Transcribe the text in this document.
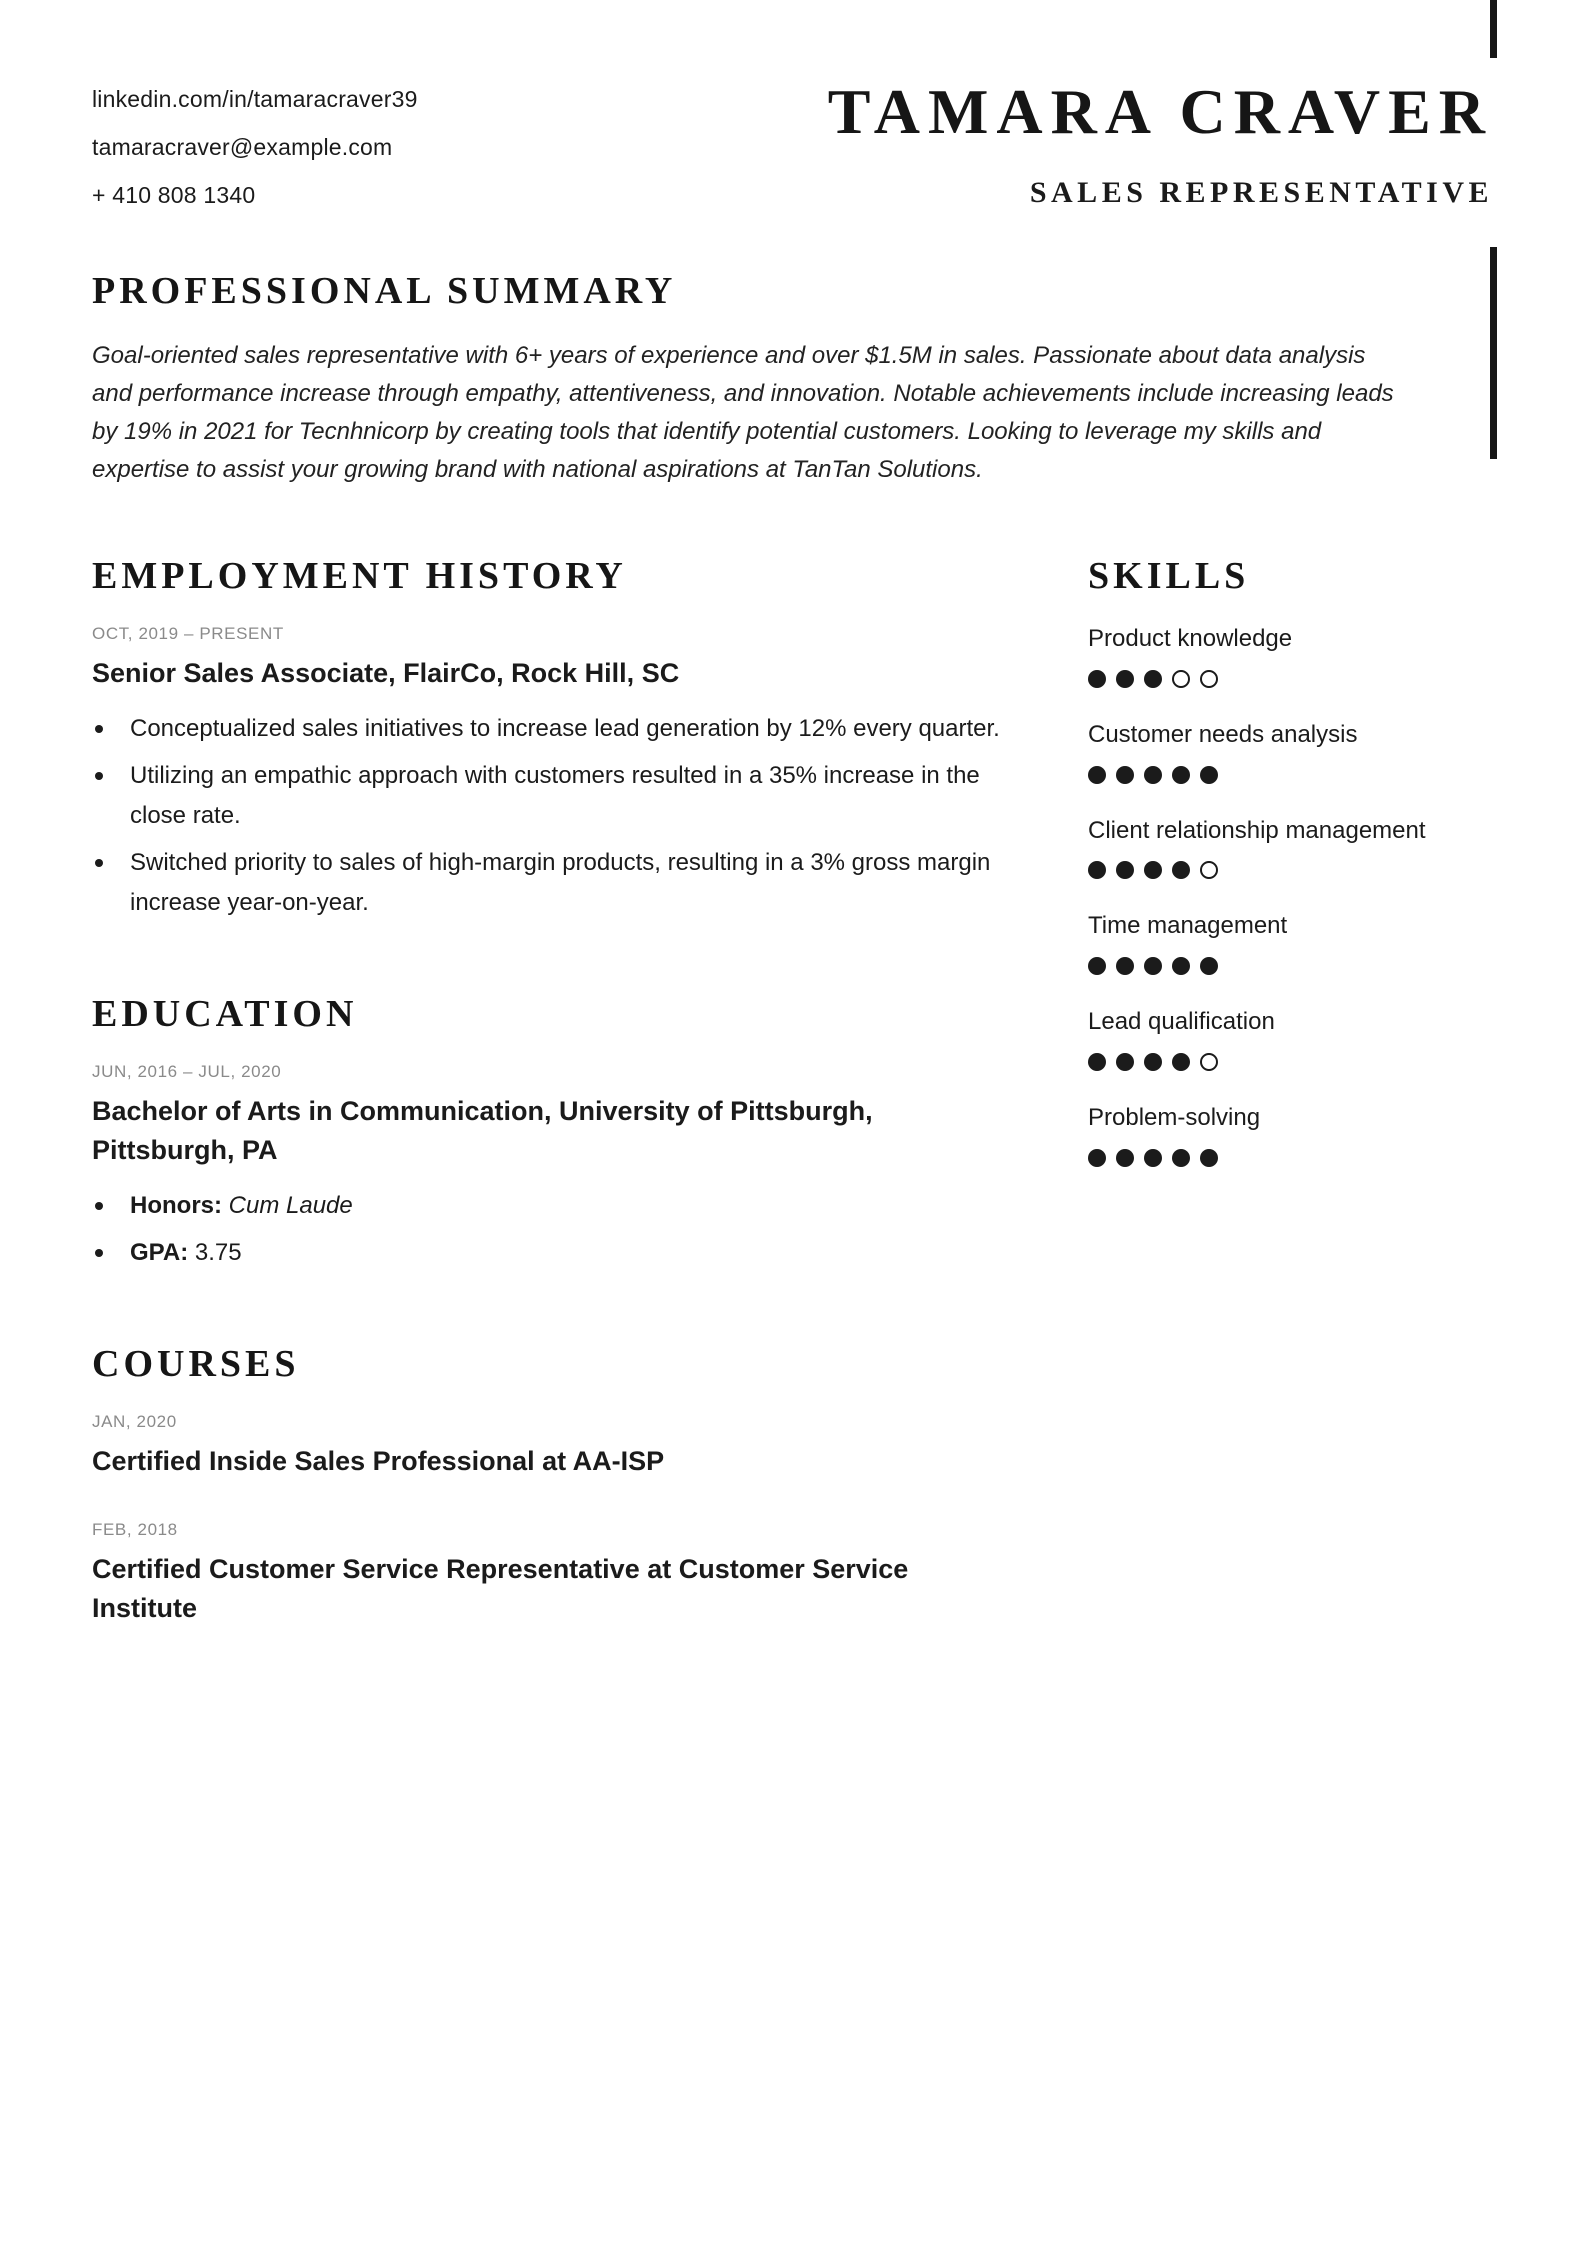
linkedin.com/in/tamaracraver39
tamaracraver@example.com
+ 410 808 1340
TAMARA CRAVER
SALES REPRESENTATIVE
PROFESSIONAL SUMMARY

Goal-oriented sales representative with 6+ years of experience and over $1.5M in sales. Passionate about data analysis and performance increase through empathy, attentiveness, and innovation. Notable achievements include increasing leads by 19% in 2021 for Tecnhnicorp by creating tools that identify potential customers. Looking to leverage my skills and expertise to assist your growing brand with national aspirations at TanTan Solutions.

EMPLOYMENT HISTORY
OCT, 2019 – PRESENT
Senior Sales Associate, FlairCo, Rock Hill, SC
Conceptualized sales initiatives to increase lead generation by 12% every quarter.
Utilizing an empathic approach with customers resulted in a 35% increase in the close rate.
Switched priority to sales of high-margin products, resulting in a 3% gross margin increase year-on-year.
EDUCATION
JUN, 2016 – JUL, 2020
Bachelor of Arts in Communication, University of Pittsburgh, Pittsburgh, PA
Honors: Cum Laude
GPA: 3.75
COURSES
JAN, 2020
Certified Inside Sales Professional at AA-ISP
FEB, 2018
Certified Customer Service Representative at Customer Service Institute
SKILLS
Product knowledge
Customer needs analysis
Client relationship management
Time management
Lead qualification
Problem-solving
